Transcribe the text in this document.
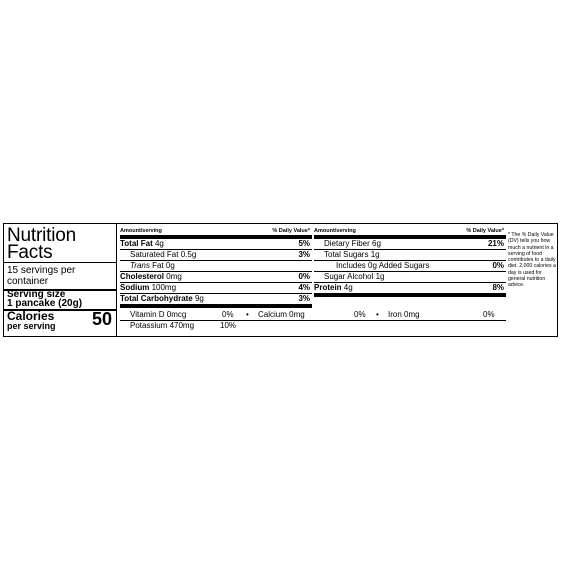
Nutrition
Facts
15 servings per container
Serving size
1 pancake (20g)
Calories
per serving 50
Amount/serving	% Daily Value*
Total Fat 4g	5%
Saturated Fat 0.5g	3%
Trans Fat 0g
Cholesterol 0mg	0%
Sodium 100mg	4%
Total Carbohydrate 9g	3%
Amount/serving	% Daily Value*
Dietary Fiber 6g	21%
Total Sugars 1g
Includes 0g Added Sugars	0%
Sugar Alcohol 1g
Protein 4g	8%
Vitamin D 0mcg	0% • Calcium 0mg	0% • Iron 0mg	0%
Potassium 470mg	10%
* The % Daily Value (DV) tells you how much a nutrient in a serving of food contributes to a daily diet. 2,000 calories a day is used for general nutrition advice.
